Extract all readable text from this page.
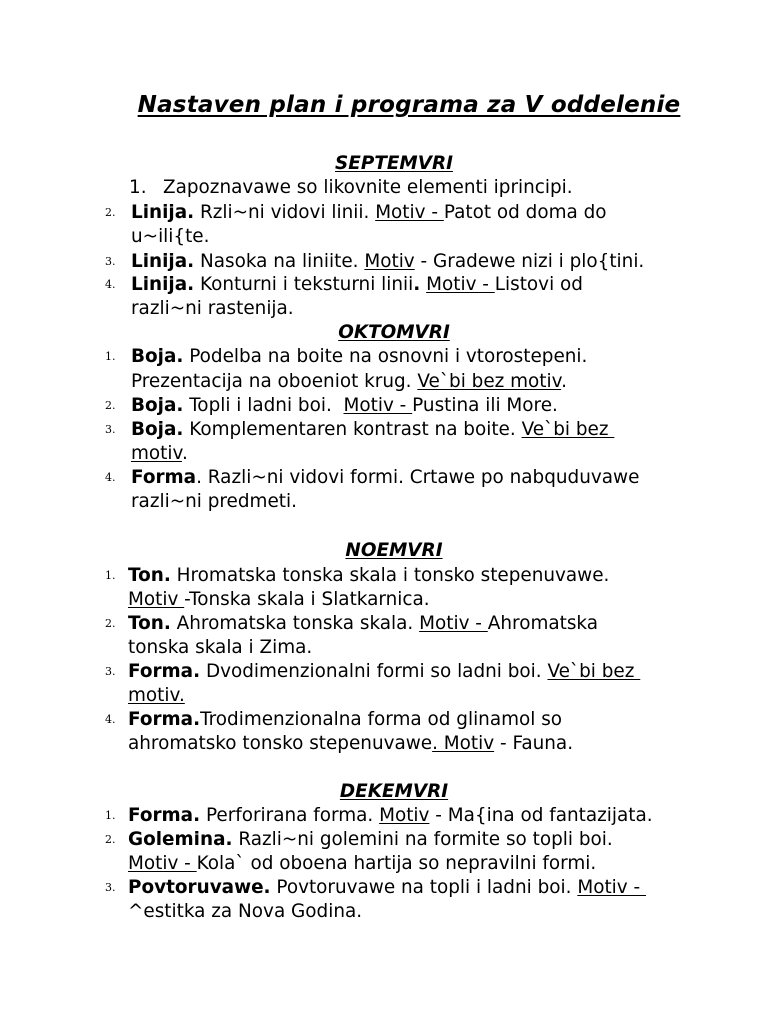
Nastaven plan i programa za V oddelenie
SEPTEMVRI
1. Zapoznavawe so likovnite elementi iprincipi.
2. Linija. Rzli~ni vidovi linii. Motiv - Patot od doma do
u~ili{te.
3. Linija. Nasoka na liniite. Motiv - Gradewe nizi i plo{tini.
4. Linija. Konturni i teksturni linii. Motiv - Listovi od
razli~ni rastenija.
OKTOMVRI
1. Boja. Podelba na boite na osnovni i vtorostepeni.
Prezentacija na oboeniot krug. Ve`bi bez motiv.
2. Boja. Topli i ladni boi.  Motiv - Pustina ili More.
3. Boja. Komplementaren kontrast na boite. Ve`bi bez
motiv.
4. Forma. Razli~ni vidovi formi. Crtawe po nabquduvawe
razli~ni predmeti.
NOEMVRI
1. Ton. Hromatska tonska skala i tonsko stepenuvawe.
Motiv -Tonska skala i Slatkarnica.
2. Ton. Ahromatska tonska skala. Motiv - Ahromatska
tonska skala i Zima.
3. Forma. Dvodimenzionalni formi so ladni boi. Ve`bi bez
motiv.
4. Forma.Trodimenzionalna forma od glinamol so
ahromatsko tonsko stepenuvawe. Motiv - Fauna.
DEKEMVRI
1. Forma. Perforirana forma. Motiv - Ma{ina od fantazijata.
2. Golemina. Razli~ni golemini na formite so topli boi.
Motiv - Kola` od oboena hartija so nepravilni formi.
3. Povtoruvawe. Povtoruvawe na topli i ladni boi. Motiv -
^estitka za Nova Godina.
